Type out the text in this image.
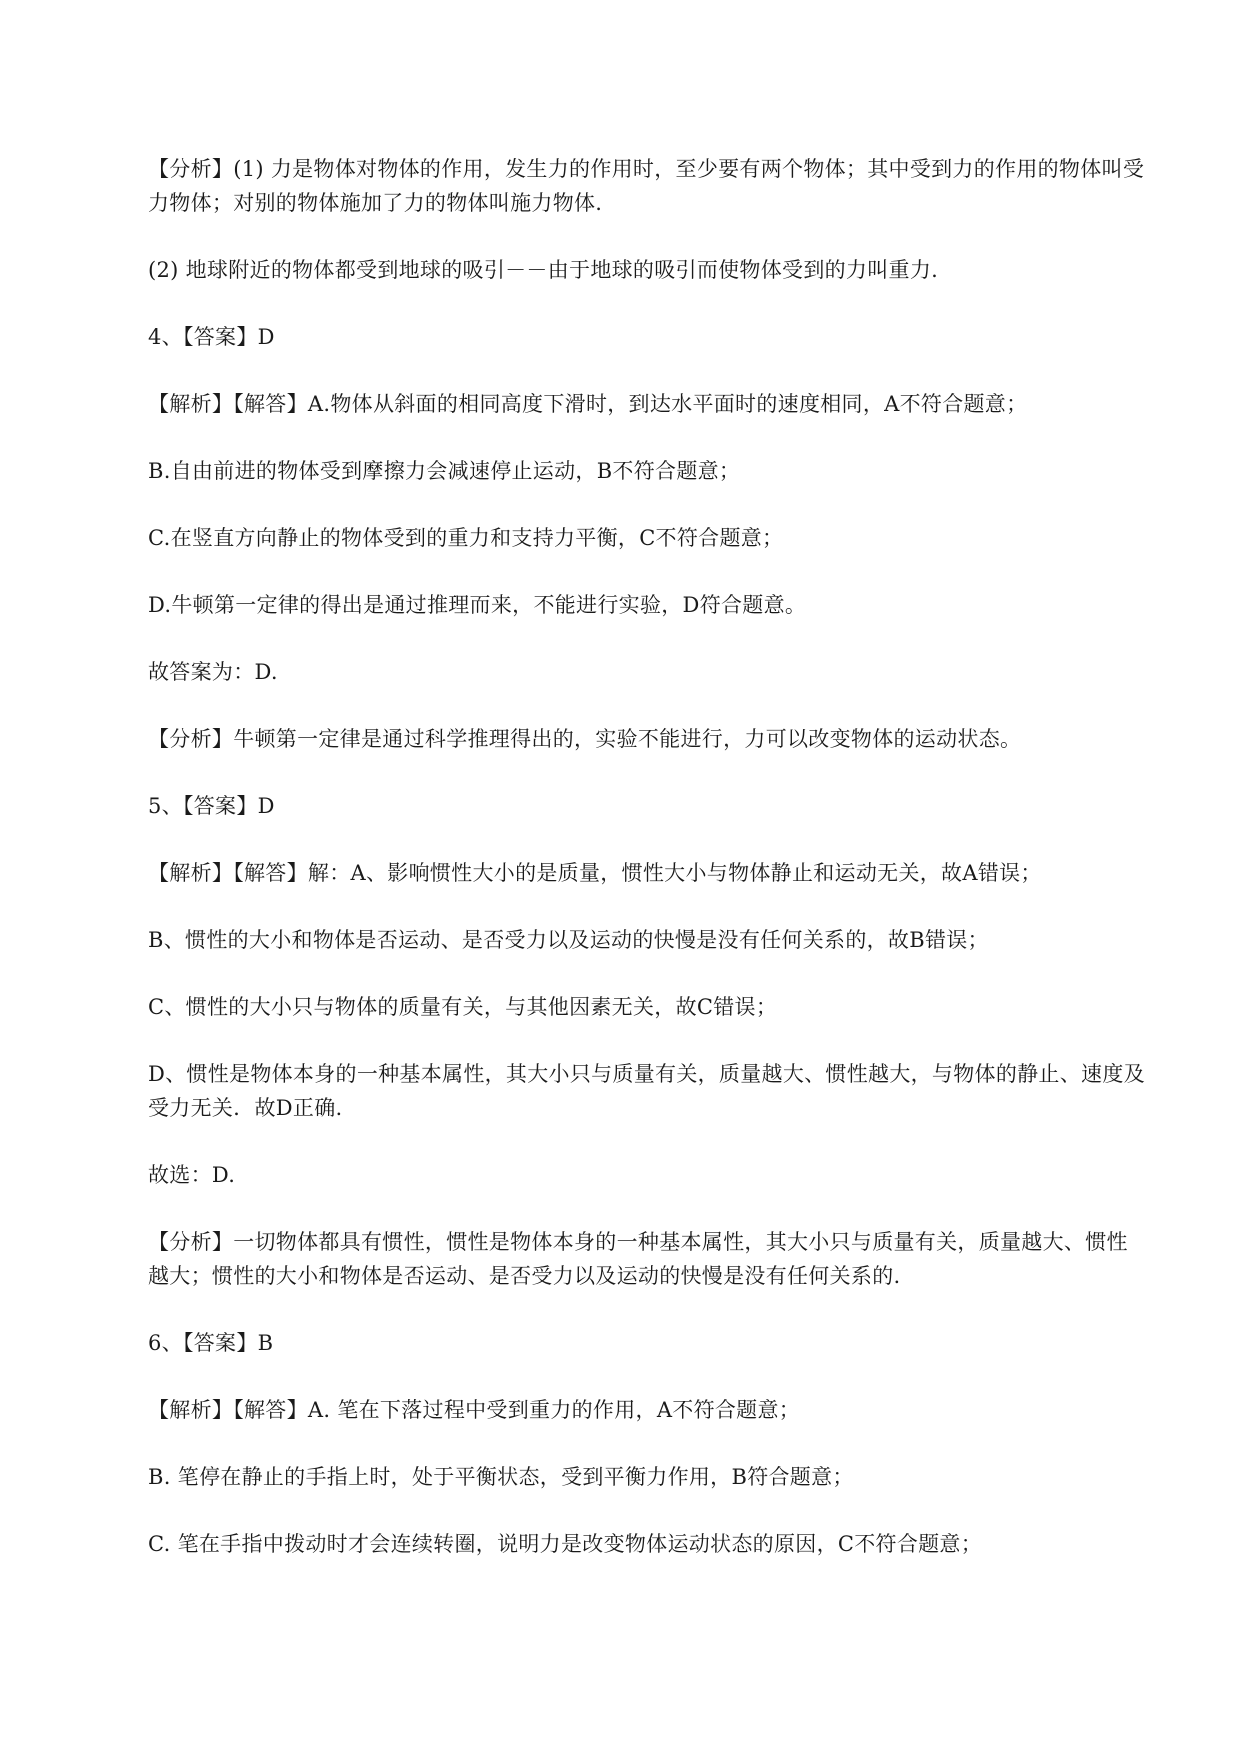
【分析】(1) 力是物体对物体的作用，发生力的作用时，至少要有两个物体；其中受到力的作用的物体叫受力物体；对别的物体施加了力的物体叫施力物体.

(2) 地球附近的物体都受到地球的吸引－－由于地球的吸引而使物体受到的力叫重力.

4、【答案】D

【解析】【解答】A.物体从斜面的相同高度下滑时，到达水平面时的速度相同，A不符合题意；

B.自由前进的物体受到摩擦力会减速停止运动，B不符合题意；

C.在竖直方向静止的物体受到的重力和支持力平衡，C不符合题意；

D.牛顿第一定律的得出是通过推理而来，不能进行实验，D符合题意。

故答案为：D.

【分析】牛顿第一定律是通过科学推理得出的，实验不能进行，力可以改变物体的运动状态。

5、【答案】D

【解析】【解答】解：A、影响惯性大小的是质量，惯性大小与物体静止和运动无关，故A错误；

B、惯性的大小和物体是否运动、是否受力以及运动的快慢是没有任何关系的，故B错误；

C、惯性的大小只与物体的质量有关，与其他因素无关，故C错误；

D、惯性是物体本身的一种基本属性，其大小只与质量有关，质量越大、惯性越大，与物体的静止、速度及受力无关．故D正确.

故选：D.

【分析】一切物体都具有惯性，惯性是物体本身的一种基本属性，其大小只与质量有关，质量越大、惯性越大；惯性的大小和物体是否运动、是否受力以及运动的快慢是没有任何关系的.

6、【答案】B

【解析】【解答】A. 笔在下落过程中受到重力的作用，A不符合题意；

B. 笔停在静止的手指上时，处于平衡状态，受到平衡力作用，B符合题意；

C. 笔在手指中拨动时才会连续转圈，说明力是改变物体运动状态的原因，C不符合题意；
